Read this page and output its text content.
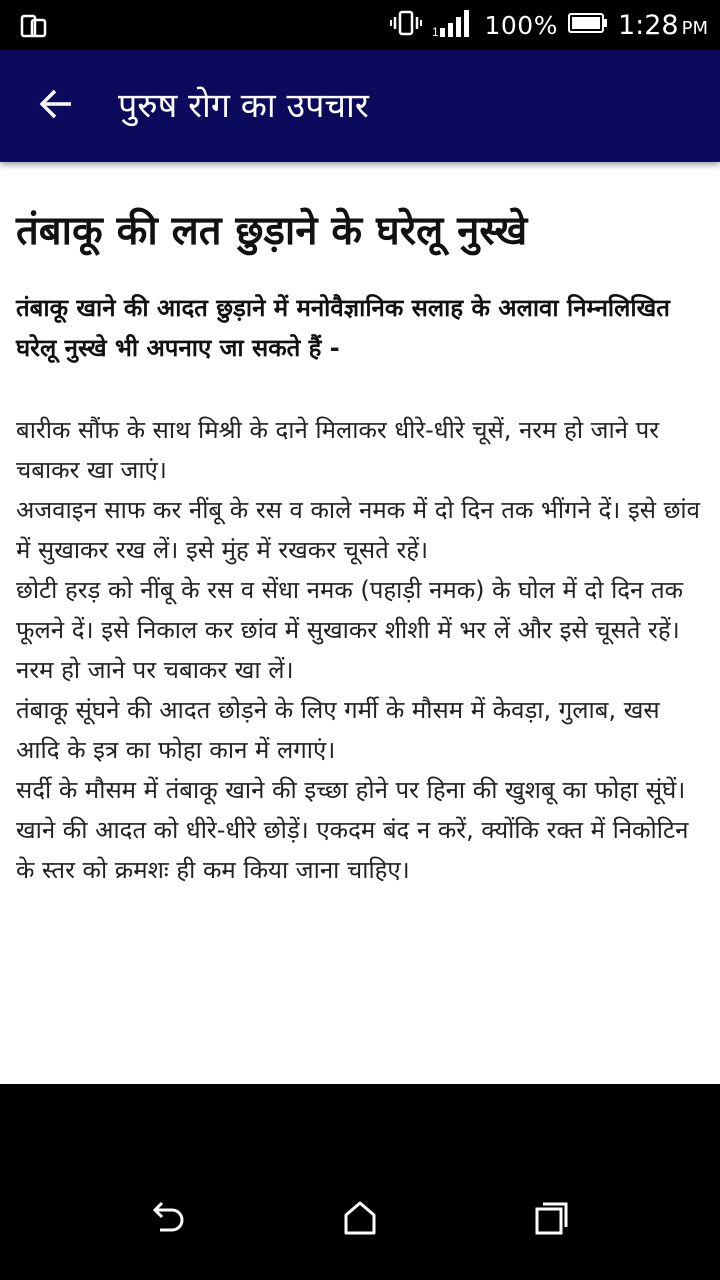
1 100% 1:28 PM
पुरुष रोग का उपचार
तंबाकू की लत छुड़ाने के घरेलू नुस्खे

तंबाकू खाने की आदत छुड़ाने में मनोवैज्ञानिक सलाह के अलावा निम्नलिखित घरेलू नुस्खे भी अपनाए जा सकते हैं -

बारीक सौंफ के साथ मिश्री के दाने मिलाकर धीरे-धीरे चूसें, नरम हो जाने पर चबाकर खा जाएं।

अजवाइन साफ कर नींबू के रस व काले नमक में दो दिन तक भींगने दें। इसे छांव में सुखाकर रख लें। इसे मुंह में रखकर चूसते रहें।

छोटी हरड़ को नींबू के रस व सेंधा नमक (पहाड़ी नमक) के घोल में दो दिन तक फूलने दें। इसे निकाल कर छांव में सुखाकर शीशी में भर लें और इसे चूसते रहें। नरम हो जाने पर चबाकर खा लें।

तंबाकू सूंघने की आदत छोड़ने के लिए गर्मी के मौसम में केवड़ा, गुलाब, खस आदि के इत्र का फोहा कान में लगाएं।

सर्दी के मौसम में तंबाकू खाने की इच्छा होने पर हिना की खुशबू का फोहा सूंघें।

खाने की आदत को धीरे-धीरे छोड़ें। एकदम बंद न करें, क्योंकि रक्त में निकोटिन के स्तर को क्रमशः ही कम किया जाना चाहिए।
